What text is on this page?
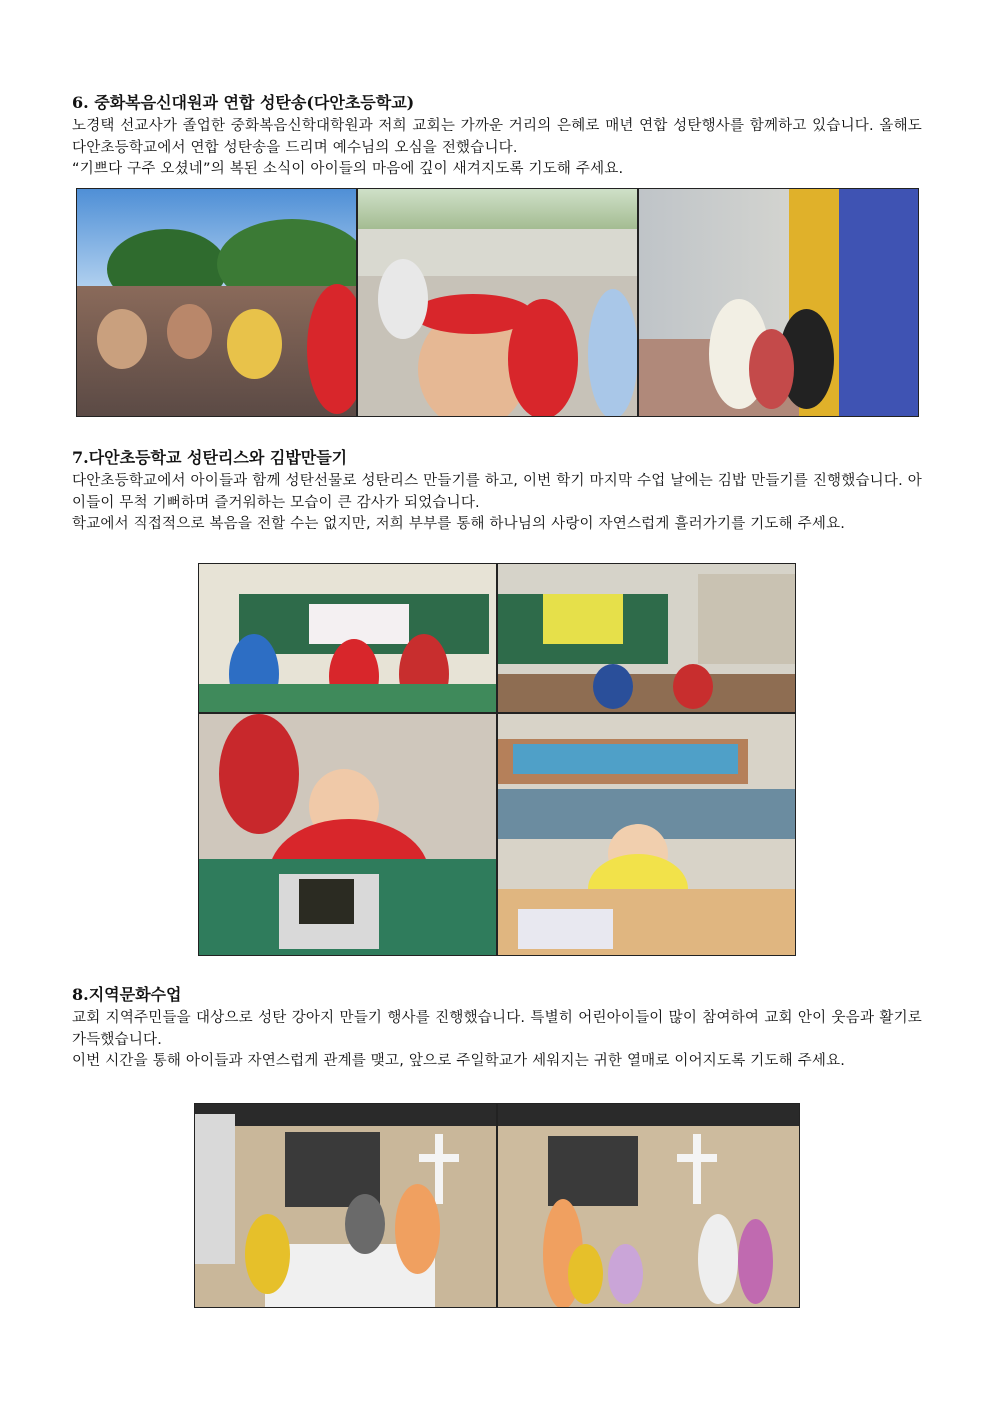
6. 중화복음신대원과 연합 성탄송(다안초등학교)

노경택 선교사가 졸업한 중화복음신학대학원과 저희 교회는 가까운 거리의 은혜로 매년 연합 성탄행사를 함께하고 있습니다. 올해도 다안초등학교에서 연합 성탄송을 드리며 예수님의 오심을 전했습니다.

“기쁘다 구주 오셨네”의 복된 소식이 아이들의 마음에 깊이 새겨지도록 기도해 주세요.

7.다안초등학교 성탄리스와 김밥만들기

다안초등학교에서 아이들과 함께 성탄선물로 성탄리스 만들기를 하고, 이번 학기 마지막 수업 날에는 김밥 만들기를 진행했습니다. 아이들이 무척 기뻐하며 즐거워하는 모습이 큰 감사가 되었습니다.

학교에서 직접적으로 복음을 전할 수는 없지만, 저희 부부를 통해 하나님의 사랑이 자연스럽게 흘러가기를 기도해 주세요.

8.지역문화수업

교회 지역주민들을 대상으로 성탄 강아지 만들기 행사를 진행했습니다. 특별히 어린아이들이 많이 참여하여 교회 안이 웃음과 활기로 가득했습니다.

이번 시간을 통해 아이들과 자연스럽게 관계를 맺고, 앞으로 주일학교가 세워지는 귀한 열매로 이어지도록 기도해 주세요.
